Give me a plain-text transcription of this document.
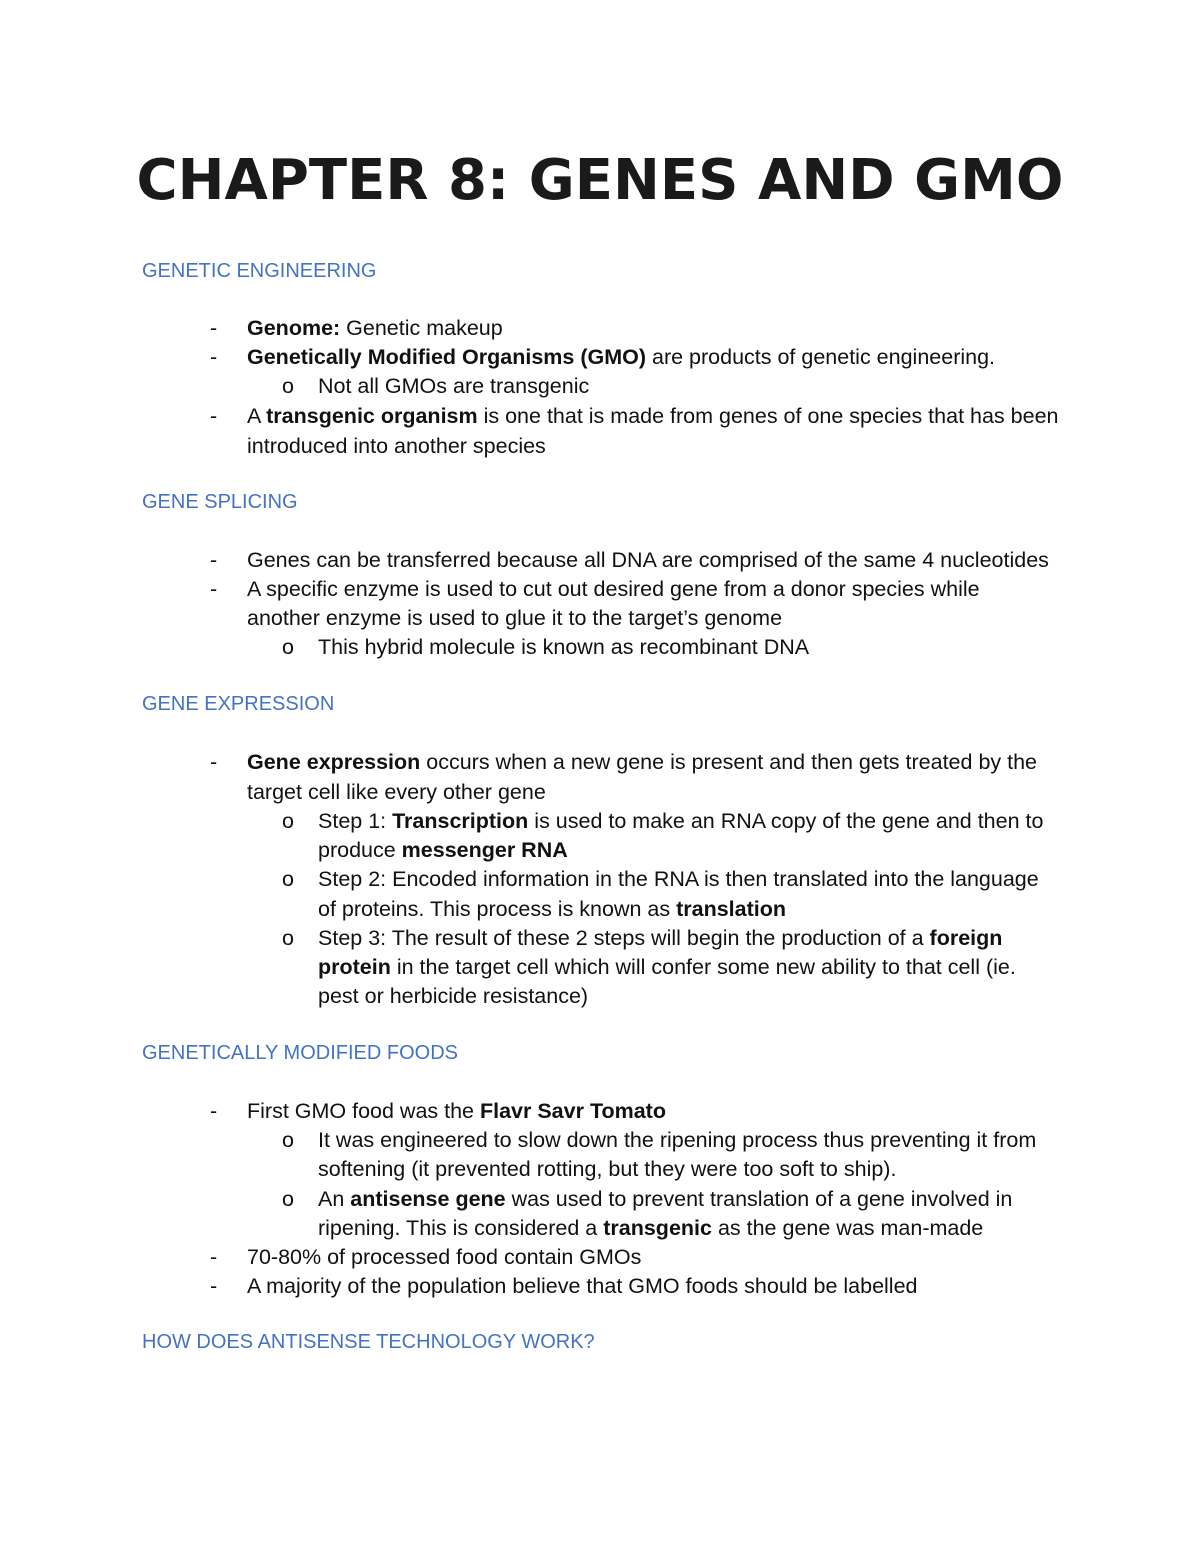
CHAPTER 8: GENES AND GMO
GENETIC ENGINEERING
- Genome: Genetic makeup
- Genetically Modified Organisms (GMO) are products of genetic engineering.
o Not all GMOs are transgenic
- A transgenic organism is one that is made from genes of one species that has been
introduced into another species
GENE SPLICING
- Genes can be transferred because all DNA are comprised of the same 4 nucleotides
- A specific enzyme is used to cut out desired gene from a donor species while
another enzyme is used to glue it to the target’s genome
o This hybrid molecule is known as recombinant DNA
GENE EXPRESSION
- Gene expression occurs when a new gene is present and then gets treated by the
target cell like every other gene
o Step 1: Transcription is used to make an RNA copy of the gene and then to
produce messenger RNA
o Step 2: Encoded information in the RNA is then translated into the language
of proteins. This process is known as translation
o Step 3: The result of these 2 steps will begin the production of a foreign
protein in the target cell which will confer some new ability to that cell (ie.
pest or herbicide resistance)
GENETICALLY MODIFIED FOODS
- First GMO food was the Flavr Savr Tomato
o It was engineered to slow down the ripening process thus preventing it from
softening (it prevented rotting, but they were too soft to ship).
o An antisense gene was used to prevent translation of a gene involved in
ripening. This is considered a transgenic as the gene was man-made
- 70-80% of processed food contain GMOs
- A majority of the population believe that GMO foods should be labelled
HOW DOES ANTISENSE TECHNOLOGY WORK?
